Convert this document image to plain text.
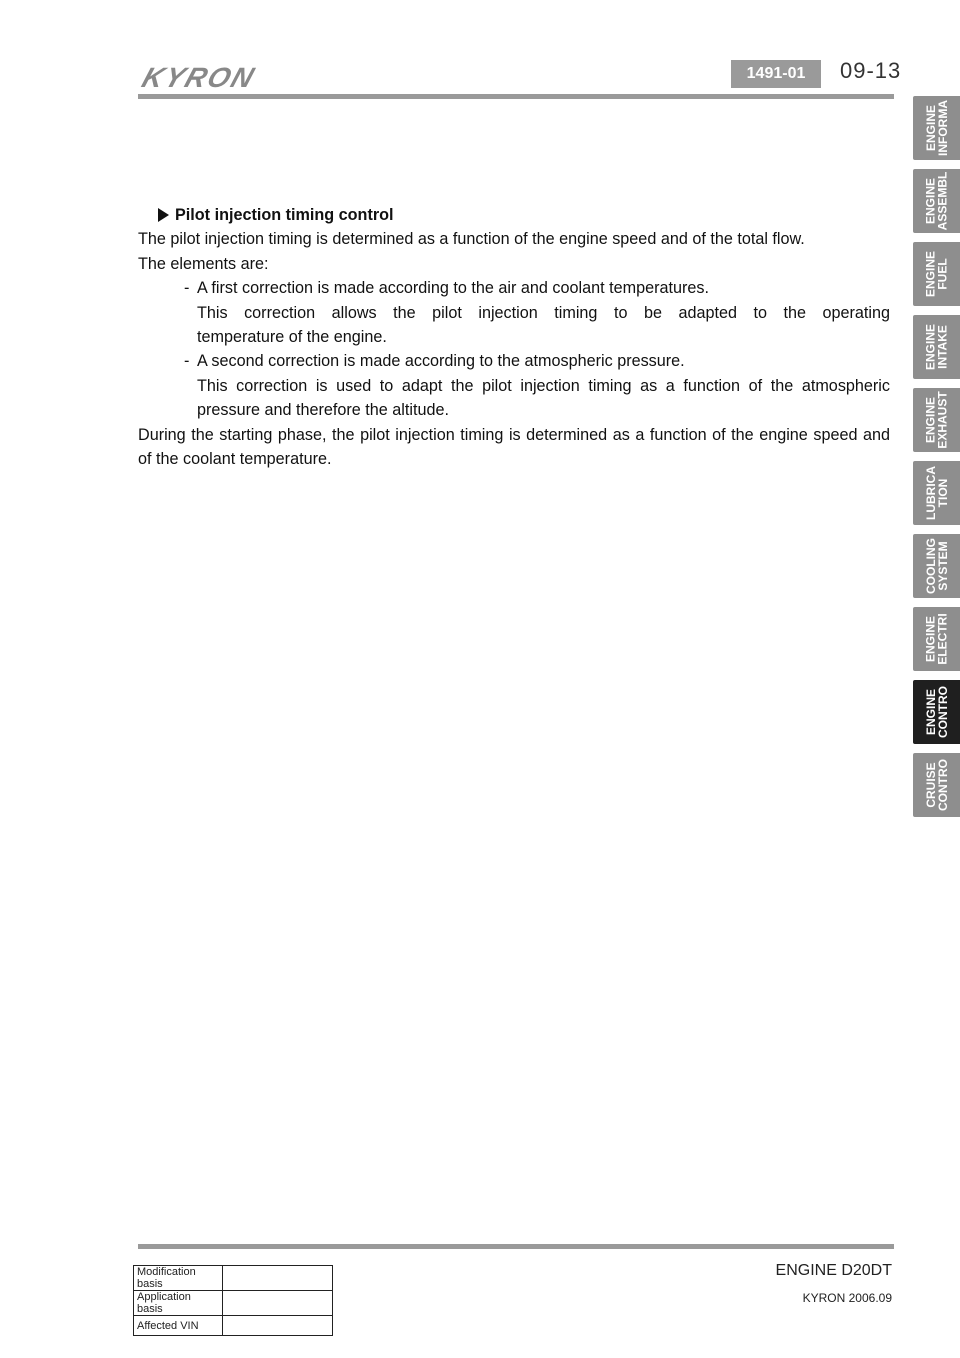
KYRON	1491-01	09-13
ENGINE
INFORMA
ENGINE
ASSEMBL
ENGINE
FUEL
ENGINE
INTAKE
ENGINE
EXHAUST
LUBRICA
TION
COOLING
SYSTEM
ENGINE
ELECTRI
ENGINE
CONTRO
CRUISE
CONTRO
Pilot injection timing control

The pilot injection timing is determined as a function of the engine speed and of the total flow.

The elements are:

- A first correction is made according to the air and coolant temperatures.
This correction allows the pilot injection timing to be adapted to the operating
temperature of the engine.
- A second correction is made according to the atmospheric pressure.
This correction is used to adapt the pilot injection timing as a function of the atmospheric
pressure and therefore the altitude.

During the starting phase, the pilot injection timing is determined as a function of the engine speed and of the coolant temperature.

Modification basis	
Application basis	
Affected VIN	
ENGINE D20DT
KYRON 2006.09
